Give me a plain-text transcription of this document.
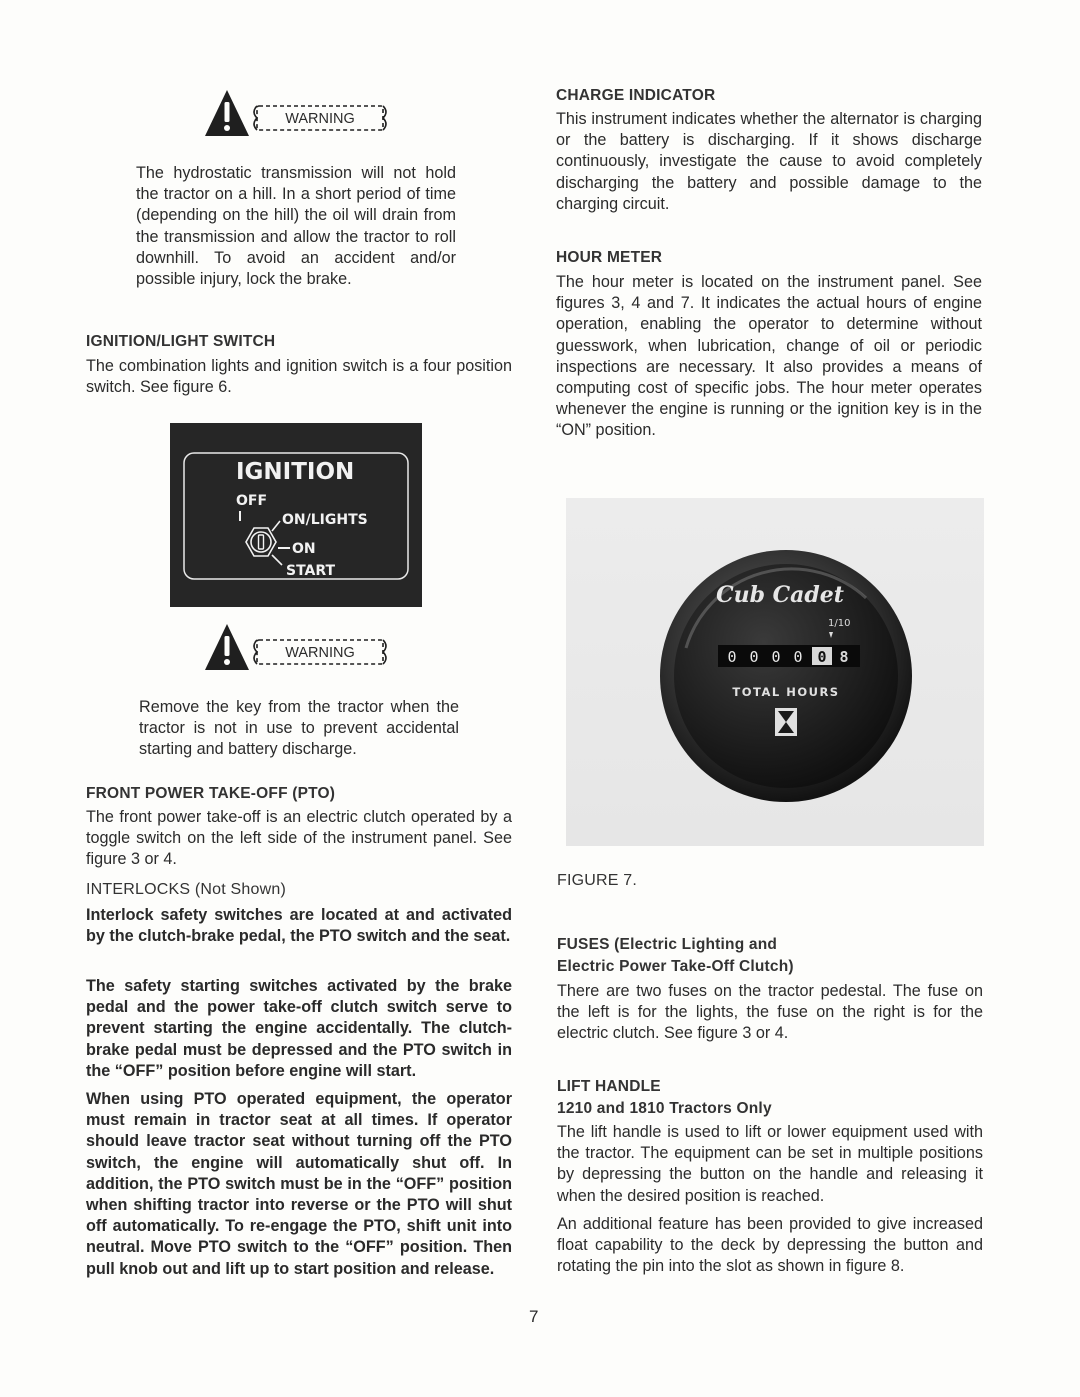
WARNING

The hydrostatic transmission will not hold the tractor on a hill. In a short period of time (depending on the hill) the oil will drain from the transmission and allow the tractor to roll downhill. To avoid an accident and/or possible injury, lock the brake.

IGNITION/LIGHT SWITCH

The combination lights and ignition switch is a four position switch. See figure 6.

IGNITION
OFF
ON/LIGHTS
ON
START
WARNING

Remove the key from the tractor when the tractor is not in use to prevent accidental starting and battery discharge.

FRONT POWER TAKE-OFF (PTO)

The front power take-off is an electric clutch operated by a toggle switch on the left side of the instrument panel. See figure 3 or 4.

INTERLOCKS (Not Shown)

Interlock safety switches are located at and activated by the clutch-brake pedal, the PTO switch and the seat.

The safety starting switches activated by the brake pedal and the power take-off clutch switch serve to prevent starting the engine accidentally. The clutch-brake pedal must be depressed and the PTO switch in the “OFF” position before engine will start.

When using PTO operated equipment, the operator must remain in tractor seat at all times. If operator should leave tractor seat without turning off the PTO switch, the engine will automatically shut off. In addition, the PTO switch must be in the “OFF” position when shifting tractor into reverse or the PTO will shut off automatically. To re-engage the PTO, shift unit into neutral. Move PTO switch to the “OFF” position. Then pull knob out and lift up to start position and release.

CHARGE INDICATOR

This instrument indicates whether the alternator is charging or the battery is discharging. If it shows discharge continuously, investigate the cause to avoid completely discharging the battery and possible damage to the charging circuit.

HOUR METER

The hour meter is located on the instrument panel. See figures 3, 4 and 7. It indicates the actual hours of engine operation, enabling the operator to determine without guesswork, when lubrication, change of oil or periodic inspections are necessary. It also provides a means of computing cost of specific jobs. The hour meter operates whenever the engine is running or the ignition key is in the “ON” position.

Cub Cadet
1/10
0 0 0 0 0 8
TOTAL HOURS

FIGURE 7.

FUSES (Electric Lighting and

Electric Power Take-Off Clutch)

There are two fuses on the tractor pedestal. The fuse on the left is for the lights, the fuse on the right is for the electric clutch. See figure 3 or 4.

LIFT HANDLE

1210 and 1810 Tractors Only

The lift handle is used to lift or lower equipment used with the tractor. The equipment can be set in multiple positions by depressing the button on the handle and releasing it when the desired position is reached.

An additional feature has been provided to give increased float capability to the deck by depressing the button and rotating the pin into the slot as shown in figure 8.

7
